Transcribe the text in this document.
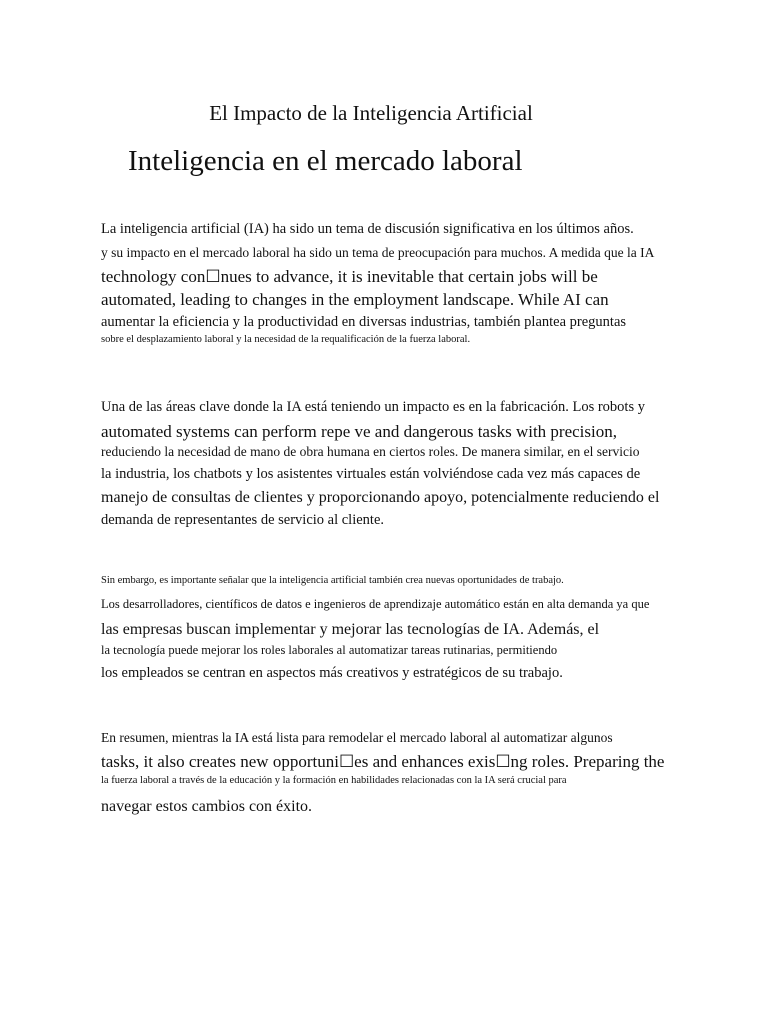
El Impacto de la Inteligencia Artificial
Inteligencia en el mercado laboral
La inteligencia artificial (IA) ha sido un tema de discusión significativa en los últimos años.
y su impacto en el mercado laboral ha sido un tema de preocupación para muchos. A medida que la IA
technology con☐nues to advance, it is inevitable that certain jobs will be
automated, leading to changes in the employment landscape. While AI can
aumentar la eficiencia y la productividad en diversas industrias, también plantea preguntas
sobre el desplazamiento laboral y la necesidad de la requalificación de la fuerza laboral.
Una de las áreas clave donde la IA está teniendo un impacto es en la fabricación. Los robots y
automated systems can perform repe ve and dangerous tasks with precision,
reduciendo la necesidad de mano de obra humana en ciertos roles. De manera similar, en el servicio
la industria, los chatbots y los asistentes virtuales están volviéndose cada vez más capaces de
manejo de consultas de clientes y proporcionando apoyo, potencialmente reduciendo el
demanda de representantes de servicio al cliente.
Sin embargo, es importante señalar que la inteligencia artificial también crea nuevas oportunidades de trabajo.
Los desarrolladores, científicos de datos e ingenieros de aprendizaje automático están en alta demanda ya que
las empresas buscan implementar y mejorar las tecnologías de IA. Además, el
la tecnología puede mejorar los roles laborales al automatizar tareas rutinarias, permitiendo
los empleados se centran en aspectos más creativos y estratégicos de su trabajo.
En resumen, mientras la IA está lista para remodelar el mercado laboral al automatizar algunos
tasks, it also creates new opportuni☐es and enhances exis☐ng roles. Preparing the
la fuerza laboral a través de la educación y la formación en habilidades relacionadas con la IA será crucial para
navegar estos cambios con éxito.
